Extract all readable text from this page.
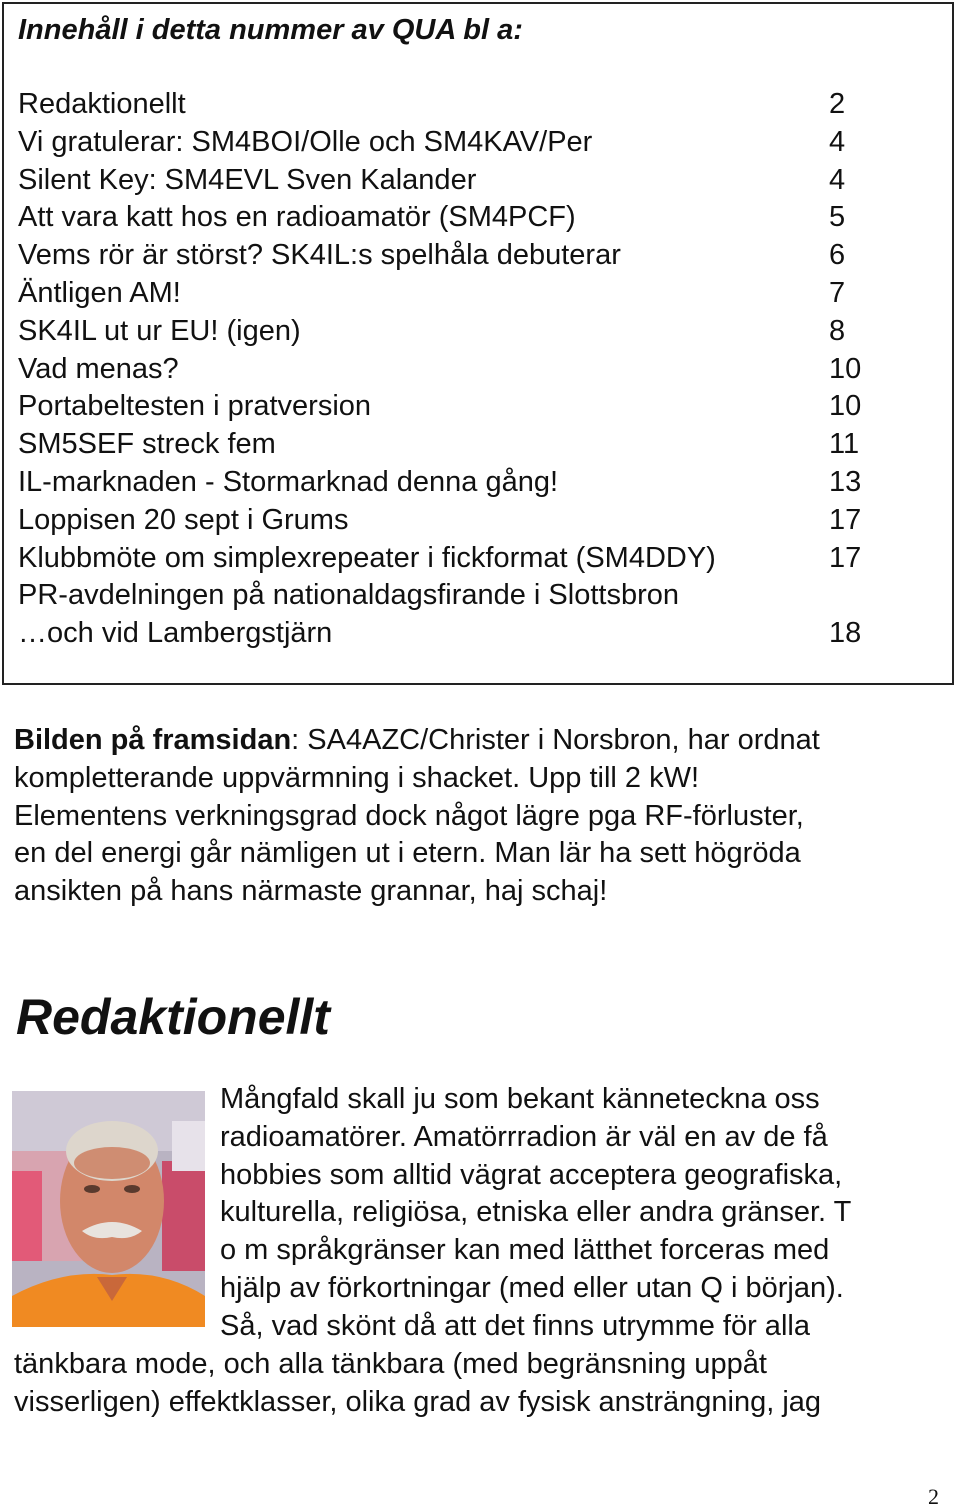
Innehåll i detta nummer av QUA bl a:
Redaktionellt	2
Vi gratulerar: SM4BOI/Olle och SM4KAV/Per	4
Silent Key: SM4EVL Sven Kalander	4
Att vara katt hos en radioamatör (SM4PCF)	5
Vems rör är störst? SK4IL:s spelhåla debuterar	6
Äntligen AM!	7
SK4IL ut ur EU! (igen)	8
Vad menas?	10
Portabeltesten i pratversion	10
SM5SEF streck fem	11
IL-marknaden - Stormarknad denna gång!	13
Loppisen 20 sept i Grums	17
Klubbmöte om simplexrepeater i fickformat (SM4DDY)	17
PR-avdelningen på nationaldagsfirande i Slottsbron
…och vid Lambergstjärn	18
Bilden på framsidan: SA4AZC/Christer i Norsbron, har ordnat
kompletterande uppvärmning i shacket. Upp till 2 kW!
Elementens verkningsgrad dock något lägre pga RF-förluster,
en del energi går nämligen ut i etern. Man lär ha sett högröda
ansikten på hans närmaste grannar, haj schaj!
Redaktionellt
Mångfald skall ju som bekant känneteckna oss
radioamatörer. Amatörrradion är väl en av de få
hobbies som alltid vägrat acceptera geografiska,
kulturella, religiösa, etniska eller andra gränser. T
o m språkgränser kan med lätthet forceras med
hjälp av förkortningar (med eller utan Q i början).
Så, vad skönt då att det finns utrymme för alla
tänkbara mode, och alla tänkbara (med begränsning uppåt
visserligen) effektklasser, olika grad av fysisk ansträngning, jag
2
